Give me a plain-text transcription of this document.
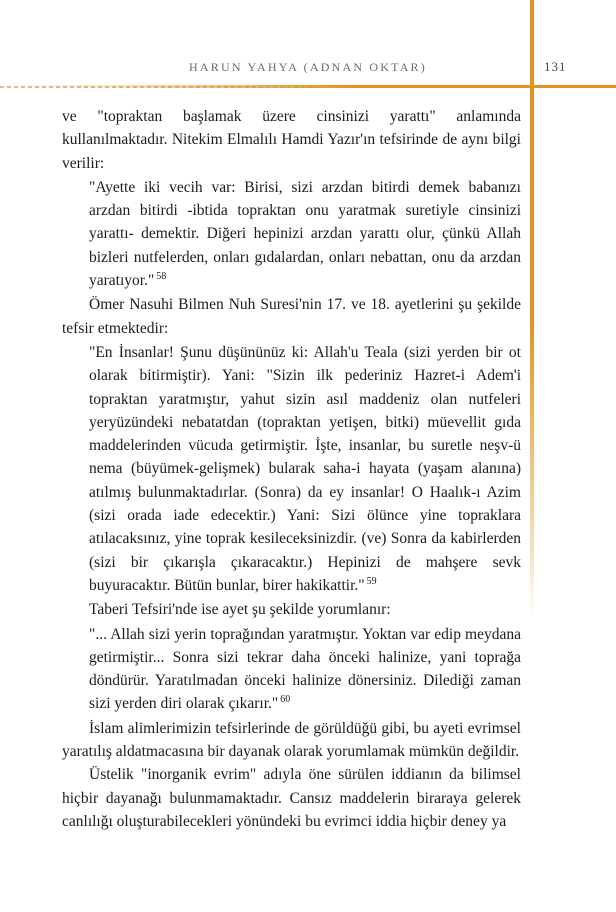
HARUN YAHYA (ADNAN OKTAR)	131

ve "topraktan başlamak üzere cinsinizi yarattı" anlamında kullanılmaktadır. Nitekim Elmalılı Hamdi Yazır'ın tefsirinde de aynı bilgi verilir:

"Ayette iki vecih var: Birisi, sizi arzdan bitirdi demek babanızı arzdan bitirdi -ibtida topraktan onu yaratmak suretiyle cinsinizi yarattı- demektir. Diğeri hepinizi arzdan yarattı olur, çünkü Allah bizleri nutfelerden, onları gıdalardan, onları nebattan, onu da arzdan yaratıyor." $^{58}$

Ömer Nasuhi Bilmen Nuh Suresi'nin 17. ve 18. ayetlerini şu şekilde tefsir etmektedir:

"En İnsanlar! Şunu düşününüz ki: Allah'u Teala (sizi yerden bir ot olarak bitirmiştir). Yani: "Sizin ilk pederiniz Hazret-i Adem'i topraktan yaratmıştır, yahut sizin asıl maddeniz olan nutfeleri yeryüzündeki nebatatdan (topraktan yetişen, bitki) müevellit gıda maddelerinden vücuda getirmiştir. İşte, insanlar, bu suretle neşv-ü nema (büyümek-gelişmek) bularak saha-i hayata (yaşam alanına) atılmış bulunmaktadırlar. (Sonra) da ey insanlar! O Haalık-ı Azim (sizi orada iade edecektir.) Yani: Sizi ölünce yine topraklara atılacaksınız, yine toprak kesileceksinizdir. (ve) Sonra da kabirlerden (sizi bir çıkarışla çıkaracaktır.) Hepinizi de mahşere sevk buyuracaktır. Bütün bunlar, birer hakikattir." $^{59}$

Taberi Tefsiri'nde ise ayet şu şekilde yorumlanır:

"... Allah sizi yerin toprağından yaratmıştır. Yoktan var edip meydana getirmiştir... Sonra sizi tekrar daha önceki halinize, yani toprağa döndürür. Yaratılmadan önceki halinize dönersiniz. Dilediği zaman sizi yerden diri olarak çıkarır." $^{60}$

İslam alimlerimizin tefsirlerinde de görüldüğü gibi, bu ayeti evrimsel yaratılış aldatmacasına bir dayanak olarak yorumlamak mümkün değildir.

Üstelik "inorganik evrim" adıyla öne sürülen iddianın da bilimsel hiçbir dayanağı bulunmamaktadır. Cansız maddelerin biraraya gelerek canlılığı oluşturabilecekleri yönündeki bu evrimci iddia hiçbir deney ya
